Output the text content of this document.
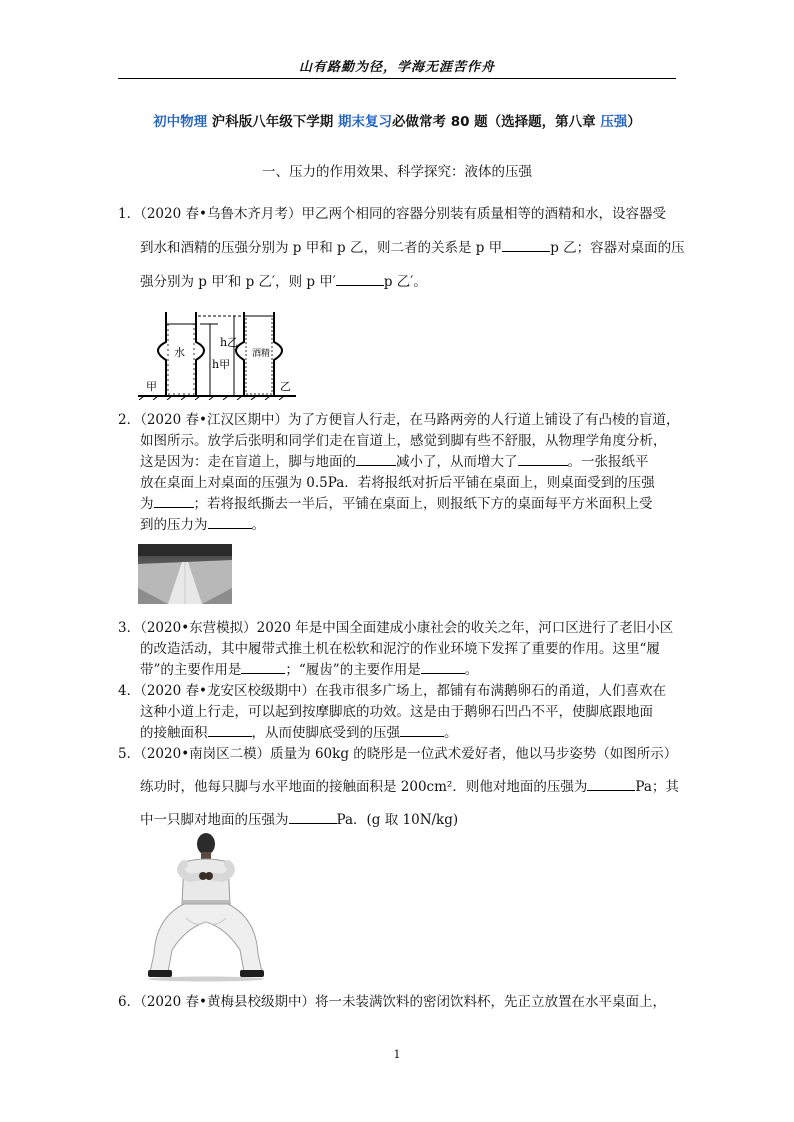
山有路勤为径，学海无涯苦作舟
初中物理 沪科版八年级下学期 期末复习必做常考 80 题（选择题，第八章 压强）
一、压力的作用效果、科学探究：液体的压强
1．（2020 春•乌鲁木齐月考）甲乙两个相同的容器分别装有质量相等的酒精和水，设容器受
到水和酒精的压强分别为 p 甲和 p 乙，则二者的关系是 p 甲	p 乙；容器对桌面的压
强分别为 p 甲′和 p 乙′，则 p 甲′	p 乙′。
h甲
h乙
水	酒精
甲	乙
2．（2020 春•江汉区期中）为了方便盲人行走，在马路两旁的人行道上铺设了有凸棱的盲道，
如图所示。放学后张明和同学们走在盲道上，感觉到脚有些不舒服，从物理学角度分析，
这是因为：走在盲道上，脚与地面的	减小了，从而增大了	。一张报纸平
放在桌面上对桌面的压强为 0.5Pa．若将报纸对折后平铺在桌面上，则桌面受到的压强
为	；若将报纸撕去一半后，平铺在桌面上，则报纸下方的桌面每平方米面积上受
到的压力为	。
3．（2020•东营模拟）2020 年是中国全面建成小康社会的收关之年，河口区进行了老旧小区
的改造活动，其中履带式推土机在松软和泥泞的作业环境下发挥了重要的作用。这里“履
带”的主要作用是	；“履齿”的主要作用是	。
4．（2020 春•龙安区校级期中）在我市很多广场上，都铺有布满鹅卵石的甬道，人们喜欢在
这种小道上行走，可以起到按摩脚底的功效。这是由于鹅卵石凹凸不平，使脚底跟地面
的接触面积	，从而使脚底受到的压强	。
5．（2020•南岗区二模）质量为 60kg 的晓彤是一位武术爱好者，他以马步姿势（如图所示）
练功时，他每只脚与水平地面的接触面积是 200cm²．则他对地面的压强为	Pa；其
中一只脚对地面的压强为	Pa．(g 取 10N/kg)
6．（2020 春•黄梅县校级期中）将一未装满饮料的密闭饮料杯，先正立放置在水平桌面上，
1
